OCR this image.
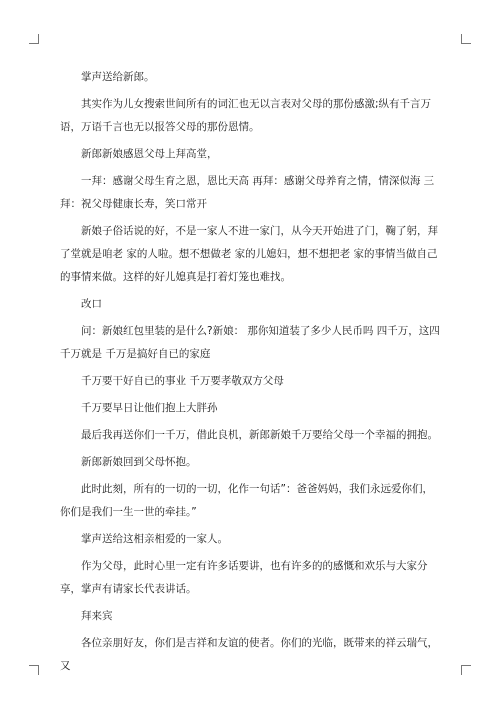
掌声送给新郎。

其实作为儿女搜索世间所有的词汇也无以言表对父母的那份感激;纵有千言万语，万语千言也无以报答父母的那份恩情。

新郎新娘感恩父母上拜高堂，

一拜：感谢父母生育之恩，恩比天高 再拜：感谢父母养育之情，情深似海 三拜：祝父母健康长寿，笑口常开

新娘子俗话说的好，不是一家人不进一家门，从今天开始进了门，鞠了躬，拜了堂就是咱老 家的人啦。想不想做老 家的儿媳妇，想不想把老 家的事情当做自己的事情来做。这样的好儿媳真是打着灯笼也难找。

改口

问：新娘红包里装的是什么?新娘： 那你知道装了多少人民币吗 四千万，这四千万就是 千万是搞好自已的家庭

千万要干好自已的事业 千万要孝敬双方父母

千万要早日让他们抱上大胖孙

最后我再送你们一千万，借此良机，新郎新娘千万要给父母一个幸福的拥抱。

新郎新娘回到父母怀抱。

此时此刻，所有的一切的一切，化作一句话”：爸爸妈妈，我们永远爱你们，你们是我们一生一世的牵挂。”

掌声送给这相亲相爱的一家人。

作为父母，此时心里一定有许多话要讲，也有许多的的感慨和欢乐与大家分享，掌声有请家长代表讲话。

拜来宾

各位亲朋好友，你们是吉祥和友谊的使者。你们的光临，既带来的祥云瑞气，又
